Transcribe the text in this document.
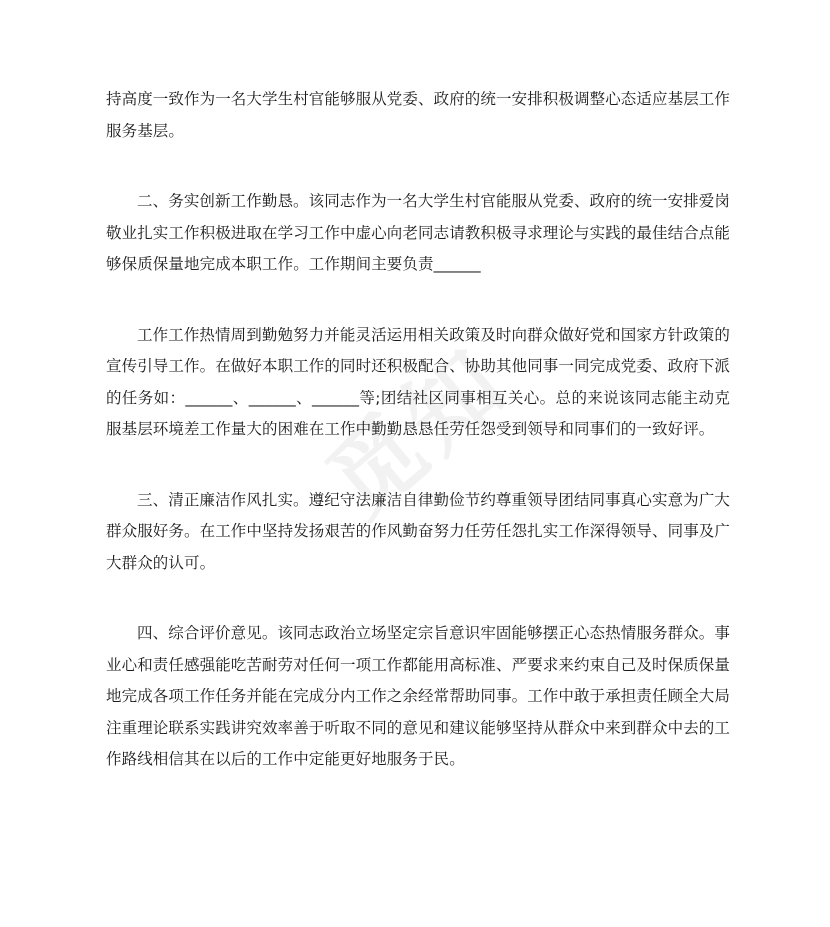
觅
知

持高度一致作为一名大学生村官能够服从党委、政府的统一安排积极调整心态适应基层工作服务基层。

二、务实创新工作勤恳。该同志作为一名大学生村官能服从党委、政府的统一安排爱岗敬业扎实工作积极进取在学习工作中虚心向老同志请教积极寻求理论与实践的最佳结合点能够保质保量地完成本职工作。工作期间主要负责______

工作工作热情周到勤勉努力并能灵活运用相关政策及时向群众做好党和国家方针政策的宣传引导工作。在做好本职工作的同时还积极配合、协助其他同事一同完成党委、政府下派的任务如：______、______、______等;团结社区同事相互关心。总的来说该同志能主动克服基层环境差工作量大的困难在工作中勤勤恳恳任劳任怨受到领导和同事们的一致好评。

三、清正廉洁作风扎实。遵纪守法廉洁自律勤俭节约尊重领导团结同事真心实意为广大群众服好务。在工作中坚持发扬艰苦的作风勤奋努力任劳任怨扎实工作深得领导、同事及广大群众的认可。

四、综合评价意见。该同志政治立场坚定宗旨意识牢固能够摆正心态热情服务群众。事业心和责任感强能吃苦耐劳对任何一项工作都能用高标准、严要求来约束自己及时保质保量地完成各项工作任务并能在完成分内工作之余经常帮助同事。工作中敢于承担责任顾全大局注重理论联系实践讲究效率善于听取不同的意见和建议能够坚持从群众中来到群众中去的工作路线相信其在以后的工作中定能更好地服务于民。
